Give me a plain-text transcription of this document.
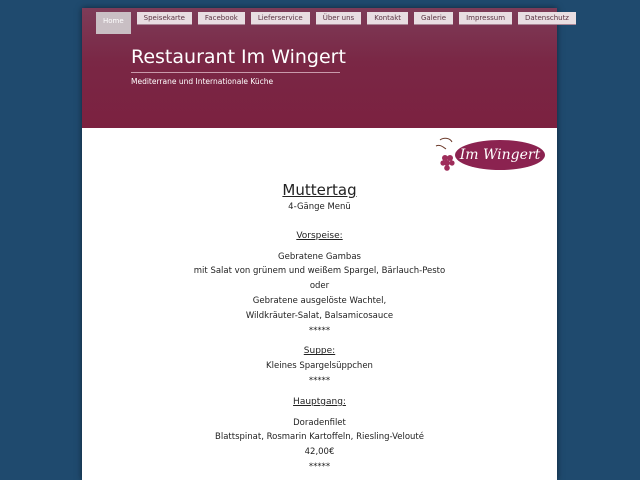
Home	Speisekarte	Facebook	Lieferservice	Über uns	Kontakt	Galerie	Impressum	Datenschutz
Restaurant Im Wingert
Mediterrane und Internationale Küche
Im Wingert
Muttertag
4-Gänge Menü
Vorspeise:
Gebratene Gambas
mit Salat von grünem und weißem Spargel, Bärlauch-Pesto
oder
Gebratene ausgelöste Wachtel,
Wildkräuter-Salat, Balsamicosauce
*****
Suppe:
Kleines Spargelsüppchen
*****
Hauptgang:
Doradenfilet
Blattspinat, Rosmarin Kartoffeln, Riesling-Velouté
42,00€
*****
